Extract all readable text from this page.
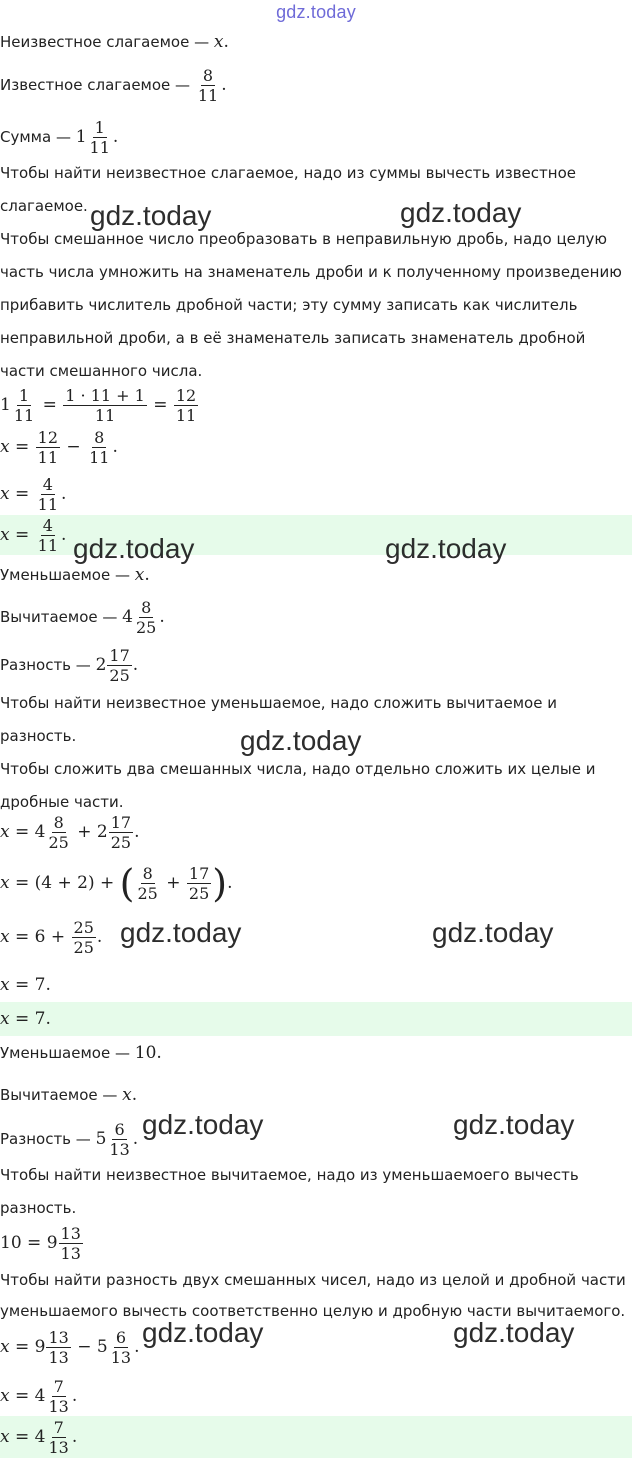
gdz.today
Неизвестное слагаемое — x.
Известное слагаемое — $\frac{8}{11}$ .
Сумма — $1 \frac{1}{11}$ .
Чтобы найти неизвестное слагаемое, надо из суммы вычесть известное
слагаемое.
Чтобы смешанное число преобразовать в неправильную дробь, надо целую
часть числа умножить на знаменатель дроби и к полученному произведению
прибавить числитель дробной части; эту сумму записать как числитель
неправильной дроби, а в её знаменатель записать знаменатель дробной
части смешанного числа.
$1 \frac{1}{11} = \frac{1 \cdot 11 + 1}{11} = \frac{12}{11}$
$x = \frac{12}{11} - \frac{8}{11}$ .
$x = \frac{4}{11}$ .
$x = \frac{4}{11}$ .
Уменьшаемое — x.
Вычитаемое — $4 \frac{8}{25}$ .
Разность — $2 \frac{17}{25}$ .
Чтобы найти неизвестное уменьшаемое, надо сложить вычитаемое и
разность.
Чтобы сложить два смешанных числа, надо отдельно сложить их целые и
дробные части.
$x = 4 \frac{8}{25} + 2 \frac{17}{25}$ .
x = (4 + 2) + ( $\frac{8}{25} + \frac{17}{25}$ ).
$x = 6 + \frac{25}{25}$ .
x = 7.
x = 7.
Уменьшаемое — 10.
Вычитаемое — x.
Разность — $5 \frac{6}{13}$ .
Чтобы найти неизвестное вычитаемое, надо из уменьшаемоего вычесть
разность.
$10 = 9 \frac{13}{13}$
Чтобы найти разность двух смешанных чисел, надо из целой и дробной части
уменьшаемого вычесть соответственно целую и дробную части вычитаемого.
$x = 9 \frac{13}{13} - 5 \frac{6}{13}$ .
$x = 4 \frac{7}{13}$ .
$x = 4 \frac{7}{13}$ .
gdz.today	gdz.today
gdz.today	gdz.today
gdz.today
gdz.today	gdz.today
gdz.today	gdz.today
gdz.today	gdz.today
